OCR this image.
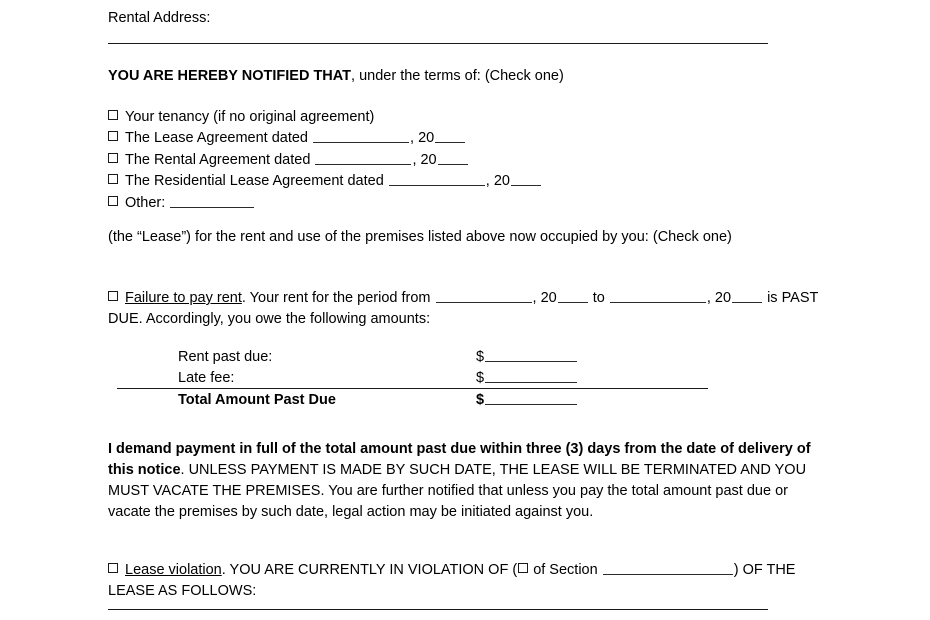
Rental Address:
YOU ARE HEREBY NOTIFIED THAT, under the terms of: (Check one)
Your tenancy (if no original agreement)
The Lease Agreement dated	, 20
The Rental Agreement dated	, 20
The Residential Lease Agreement dated	, 20
Other:
(the “Lease”) for the rent and use of the premises listed above now occupied by you: (Check one)
Failure to pay rent. Your rent for the period from	, 20 to	, 20 is PAST DUE. Accordingly, you owe the following amounts:
Rent past due:	$
Late fee:	$
Total Amount Past Due	$
I demand payment in full of the total amount past due within three (3) days from the date of delivery of this notice. UNLESS PAYMENT IS MADE BY SUCH DATE, THE LEASE WILL BE TERMINATED AND YOU MUST VACATE THE PREMISES. You are further notified that unless you pay the total amount past due or vacate the premises by such date, legal action may be initiated against you.
Lease violation. YOU ARE CURRENTLY IN VIOLATION OF ( of Section	) OF THE LEASE AS FOLLOWS:
